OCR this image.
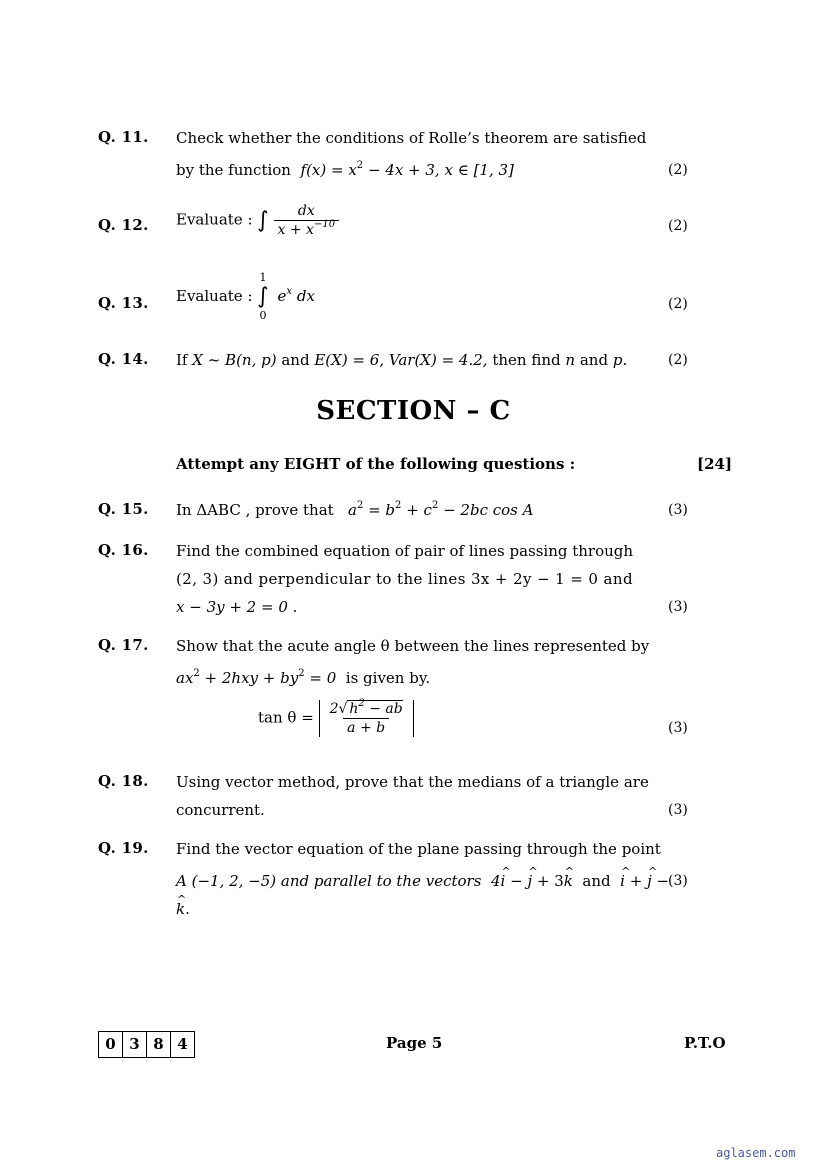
Q. 11. Check whether the conditions of Rolle’s theorem are satisfied
by the function $f(x) = x^2 - 4x + 3$, x ∈ [1, 3]	(2)
Q. 12. Evaluate : ∫ $\frac{dx}{x + x^{-10}}$	(2)
Q. 13. Evaluate :
1
∫
0
$e^x$ dx	(2)
Q. 14. If X ~ B(n, p) and E(X) = 6, Var(X) = 4.2, then find n and p.	(2)
SECTION – C
Attempt any EIGHT of the following questions :	[24]
Q. 15. In ΔABC , prove that $a^2 = b^2 + c^2 - 2bc$ cos A	(3)
Q. 16. Find the combined equation of pair of lines passing through
(2, 3) and perpendicular to the lines 3x + 2y − 1 = 0 and
x − 3y + 2 = 0 .	(3)
Q. 17. Show that the acute angle θ between the lines represented by
$ax^2 + 2hxy + by^2 = 0$ is given by.
$\tan \theta = \frac{2√ h^2 - ab}{a + b}$	(3)
Q. 18. Using vector method, prove that the medians of a triangle are
concurrent.	(3)
Q. 19. Find the vector equation of the plane passing through the point
A (−1, 2, −5) and parallel to the vectors 4^ i − ^ j + 3^ k and ^ i + ^ j − ^ k.
(3)
0 3 8 4	Page 5	P.T.O
aglasem.com
